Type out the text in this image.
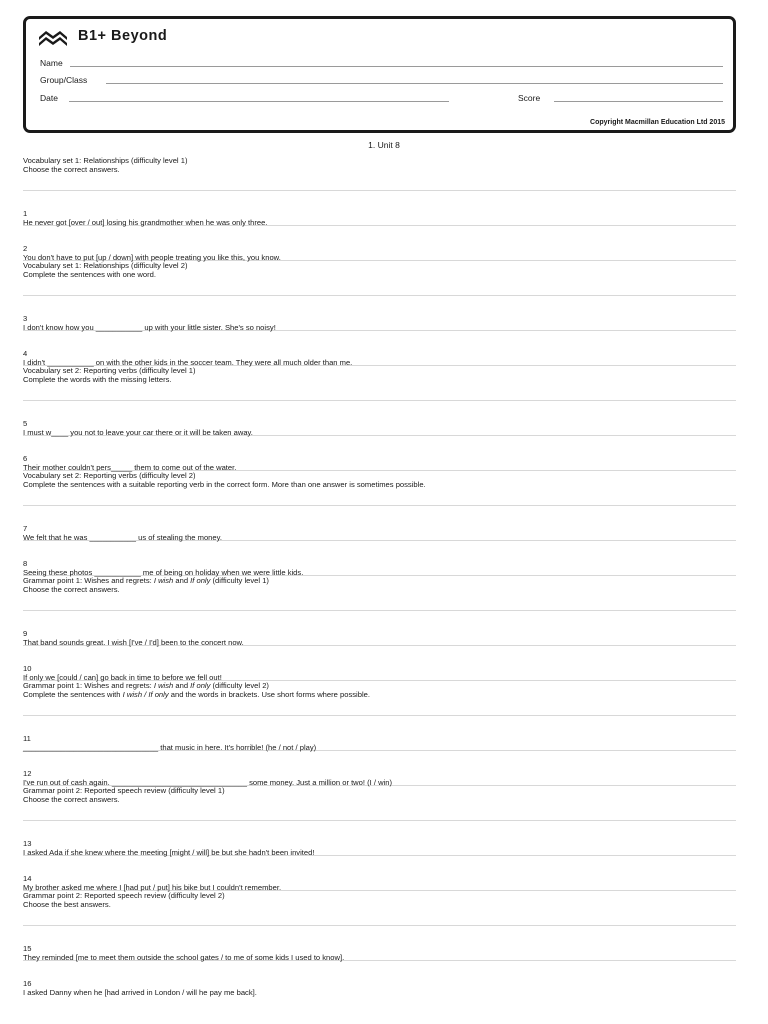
B1+ Beyond
Name
Group/Class
Date	Score
Copyright Macmillan Education Ltd 2015
1. Unit 8
Vocabulary set 1: Relationships (difficulty level 1)
Choose the correct answers.
1
He never got [over / out] losing his grandmother when he was only three.
2
You don't have to put [up / down] with people treating you like this, you know.
Vocabulary set 1: Relationships (difficulty level 2)
Complete the sentences with one word.
3
I don't know how you ___________ up with your little sister. She's so noisy!
4
I didn't ___________ on with the other kids in the soccer team. They were all much older than me.
Vocabulary set 2: Reporting verbs (difficulty level 1)
Complete the words with the missing letters.
5
I must w____ you not to leave your car there or it will be taken away.
6
Their mother couldn't pers_____ them to come out of the water.
Vocabulary set 2: Reporting verbs (difficulty level 2)
Complete the sentences with a suitable reporting verb in the correct form. More than one answer is sometimes possible.
7
We felt that he was ___________ us of stealing the money.
8
Seeing these photos ___________ me of being on holiday when we were little kids.
Grammar point 1: Wishes and regrets: I wish and If only (difficulty level 1)
Choose the correct answers.
9
That band sounds great. I wish [I've / I'd] been to the concert now.
10
If only we [could / can] go back in time to before we fell out!
Grammar point 1: Wishes and regrets: I wish and If only (difficulty level 2)
Complete the sentences with I wish / If only and the words in brackets. Use short forms where possible.
11
________________________________ that music in here. It's horrible! (he / not / play)
12
I've run out of cash again. ________________________________ some money. Just a million or two! (I / win)
Grammar point 2: Reported speech review (difficulty level 1)
Choose the correct answers.
13
I asked Ada if she knew where the meeting [might / will] be but she hadn't been invited!
14
My brother asked me where I [had put / put] his bike but I couldn't remember.
Grammar point 2: Reported speech review (difficulty level 2)
Choose the best answers.
15
They reminded [me to meet them outside the school gates / to me of some kids I used to know].
16
I asked Danny when he [had arrived in London / will he pay me back].
